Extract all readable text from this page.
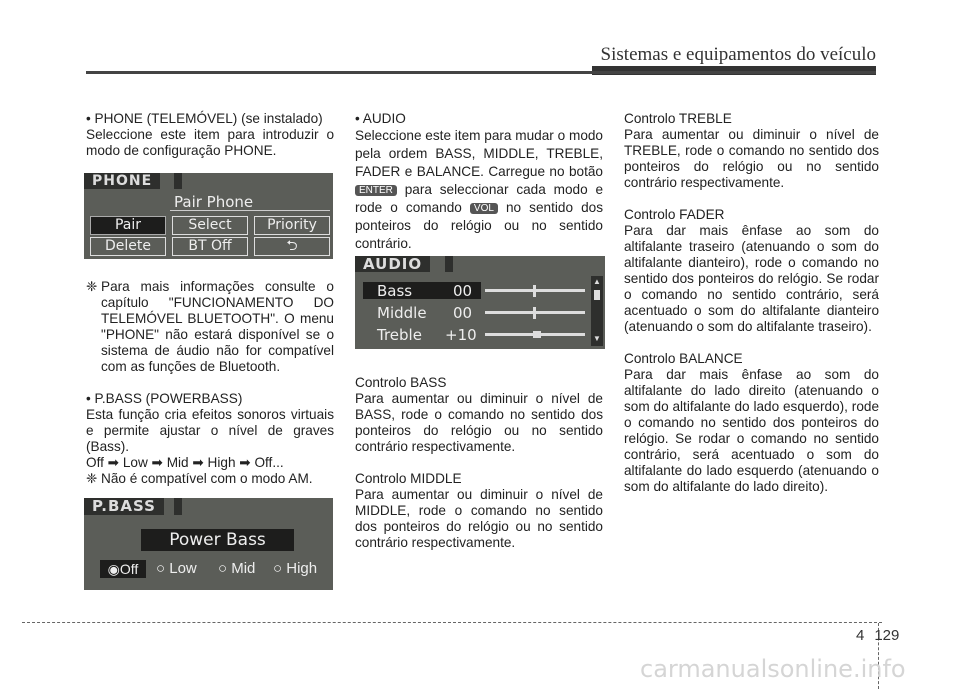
Sistemas e equipamentos do veículo

• PHONE (TELEMÓVEL) (se instalado)

Seleccione este item para introduzir o modo de configuração PHONE.

PHONE
Pair Phone
Pair	Select	Priority
Delete	BT Off	⮌
❈ Para mais informações consulte o capítulo "FUNCIONAMENTO DO TELEMÓVEL BLUETOOTH". O menu "PHONE" não estará disponível se o sistema de áudio não for compatível com as funções de Bluetooth.

• P.BASS (POWERBASS)

Esta função cria efeitos sonoros virtuais e permite ajustar o nível de graves (Bass).

Off ➡ Low ➡ Mid ➡ High ➡ Off...

❈ Não é compatível com o modo AM.
P.BASS
Power Bass
◉Off	○ Low ○ Mid ○ High

• AUDIO

Seleccione este item para mudar o modo pela ordem BASS, MIDDLE, TREBLE, FADER e BALANCE. Carregue no botão ENTER para seleccionar cada modo e rode o comando VOL no sentido dos ponteiros do relógio ou no sentido contrário.

AUDIO
Bass	00
Middle 00
Treble +10
▲
▼

Controlo BASS

Para aumentar ou diminuir o nível de BASS, rode o comando no sentido dos ponteiros do relógio ou no sentido contrário respectivamente.

Controlo MIDDLE

Para aumentar ou diminuir o nível de MIDDLE, rode o comando no sentido dos ponteiros do relógio ou no sentido contrário respectivamente.

Controlo TREBLE

Para aumentar ou diminuir o nível de TREBLE, rode o comando no sentido dos ponteiros do relógio ou no sentido contrário respectivamente.

Controlo FADER

Para dar mais ênfase ao som do altifalante traseiro (atenuando o som do altifalante dianteiro), rode o comando no sentido dos ponteiros do relógio. Se rodar o comando no sentido contrário, será acentuado o som do altifalante dianteiro (atenuando o som do altifalante traseiro).

Controlo BALANCE

Para dar mais ênfase ao som do altifalante do lado direito (atenuando o som do altifalante do lado esquerdo), rode o comando no sentido dos ponteiros do relógio. Se rodar o comando no sentido contrário, será acentuado o som do altifalante do lado esquerdo (atenuando o som do altifalante do lado direito).

4 129
carmanualsonline.info
